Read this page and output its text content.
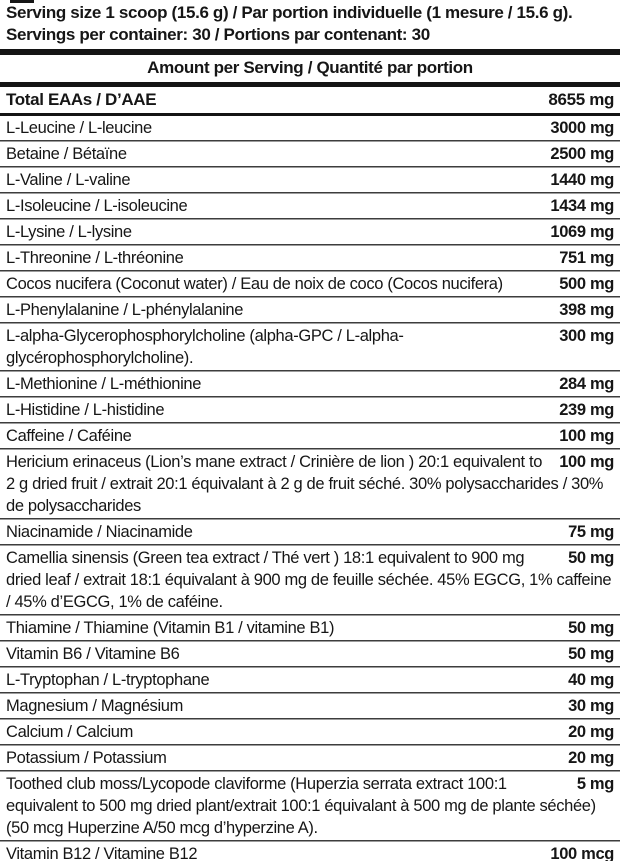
Serving size 1 scoop (15.6 g) / Par portion individuelle (1 mesure / 15.6 g).
Servings per container: 30 / Portions par contenant: 30
Amount per Serving / Quantité par portion
8655 mg
Total EAAs / D’AAE
3000 mg
L-Leucine / L-leucine
2500 mg
Betaine / Bétaïne
1440 mg
L-Valine / L-valine
1434 mg
L-Isoleucine / L-isoleucine
1069 mg
L-Lysine / L-lysine
751 mg
L-Threonine / L-thréonine
500 mg
Cocos nucifera (Coconut water) / Eau de noix de coco (Cocos nucifera)
398 mg
L-Phenylalanine / L-phénylalanine
300 mg
L-alpha-Glycerophosphorylcholine (alpha-GPC / L-alpha-glycérophosphorylcholine).
284 mg
L-Methionine / L-méthionine
239 mg
L-Histidine / L-histidine
100 mg
Caffeine / Caféine
100 mg
Hericium erinaceus (Lion’s mane extract / Crinière de lion ) 20:1 equivalent to 2 g dried fruit / extrait 20:1 équivalant à 2 g de fruit séché. 30% polysaccharides / 30% de polysaccharides
75 mg
Niacinamide / Niacinamide
50 mg
Camellia sinensis (Green tea extract / Thé vert ) 18:1 equivalent to 900 mg dried leaf / extrait 18:1 équivalant à 900 mg de feuille séchée. 45% EGCG, 1% caffeine / 45% d’EGCG, 1% de caféine.
50 mg
Thiamine / Thiamine (Vitamin B1 / vitamine B1)
50 mg
Vitamin B6 / Vitamine B6
40 mg
L-Tryptophan / L-tryptophane
30 mg
Magnesium / Magnésium
20 mg
Calcium / Calcium
20 mg
Potassium / Potassium
5 mg
Toothed club moss/Lycopode claviforme (Huperzia serrata extract 100:1 equivalent to 500 mg dried plant/extrait 100:1 équivalant à 500 mg de plante séchée) (50 mcg Huperzine A/50 mcg d’hyperzine A).
100 mcg
Vitamin B12 / Vitamine B12
